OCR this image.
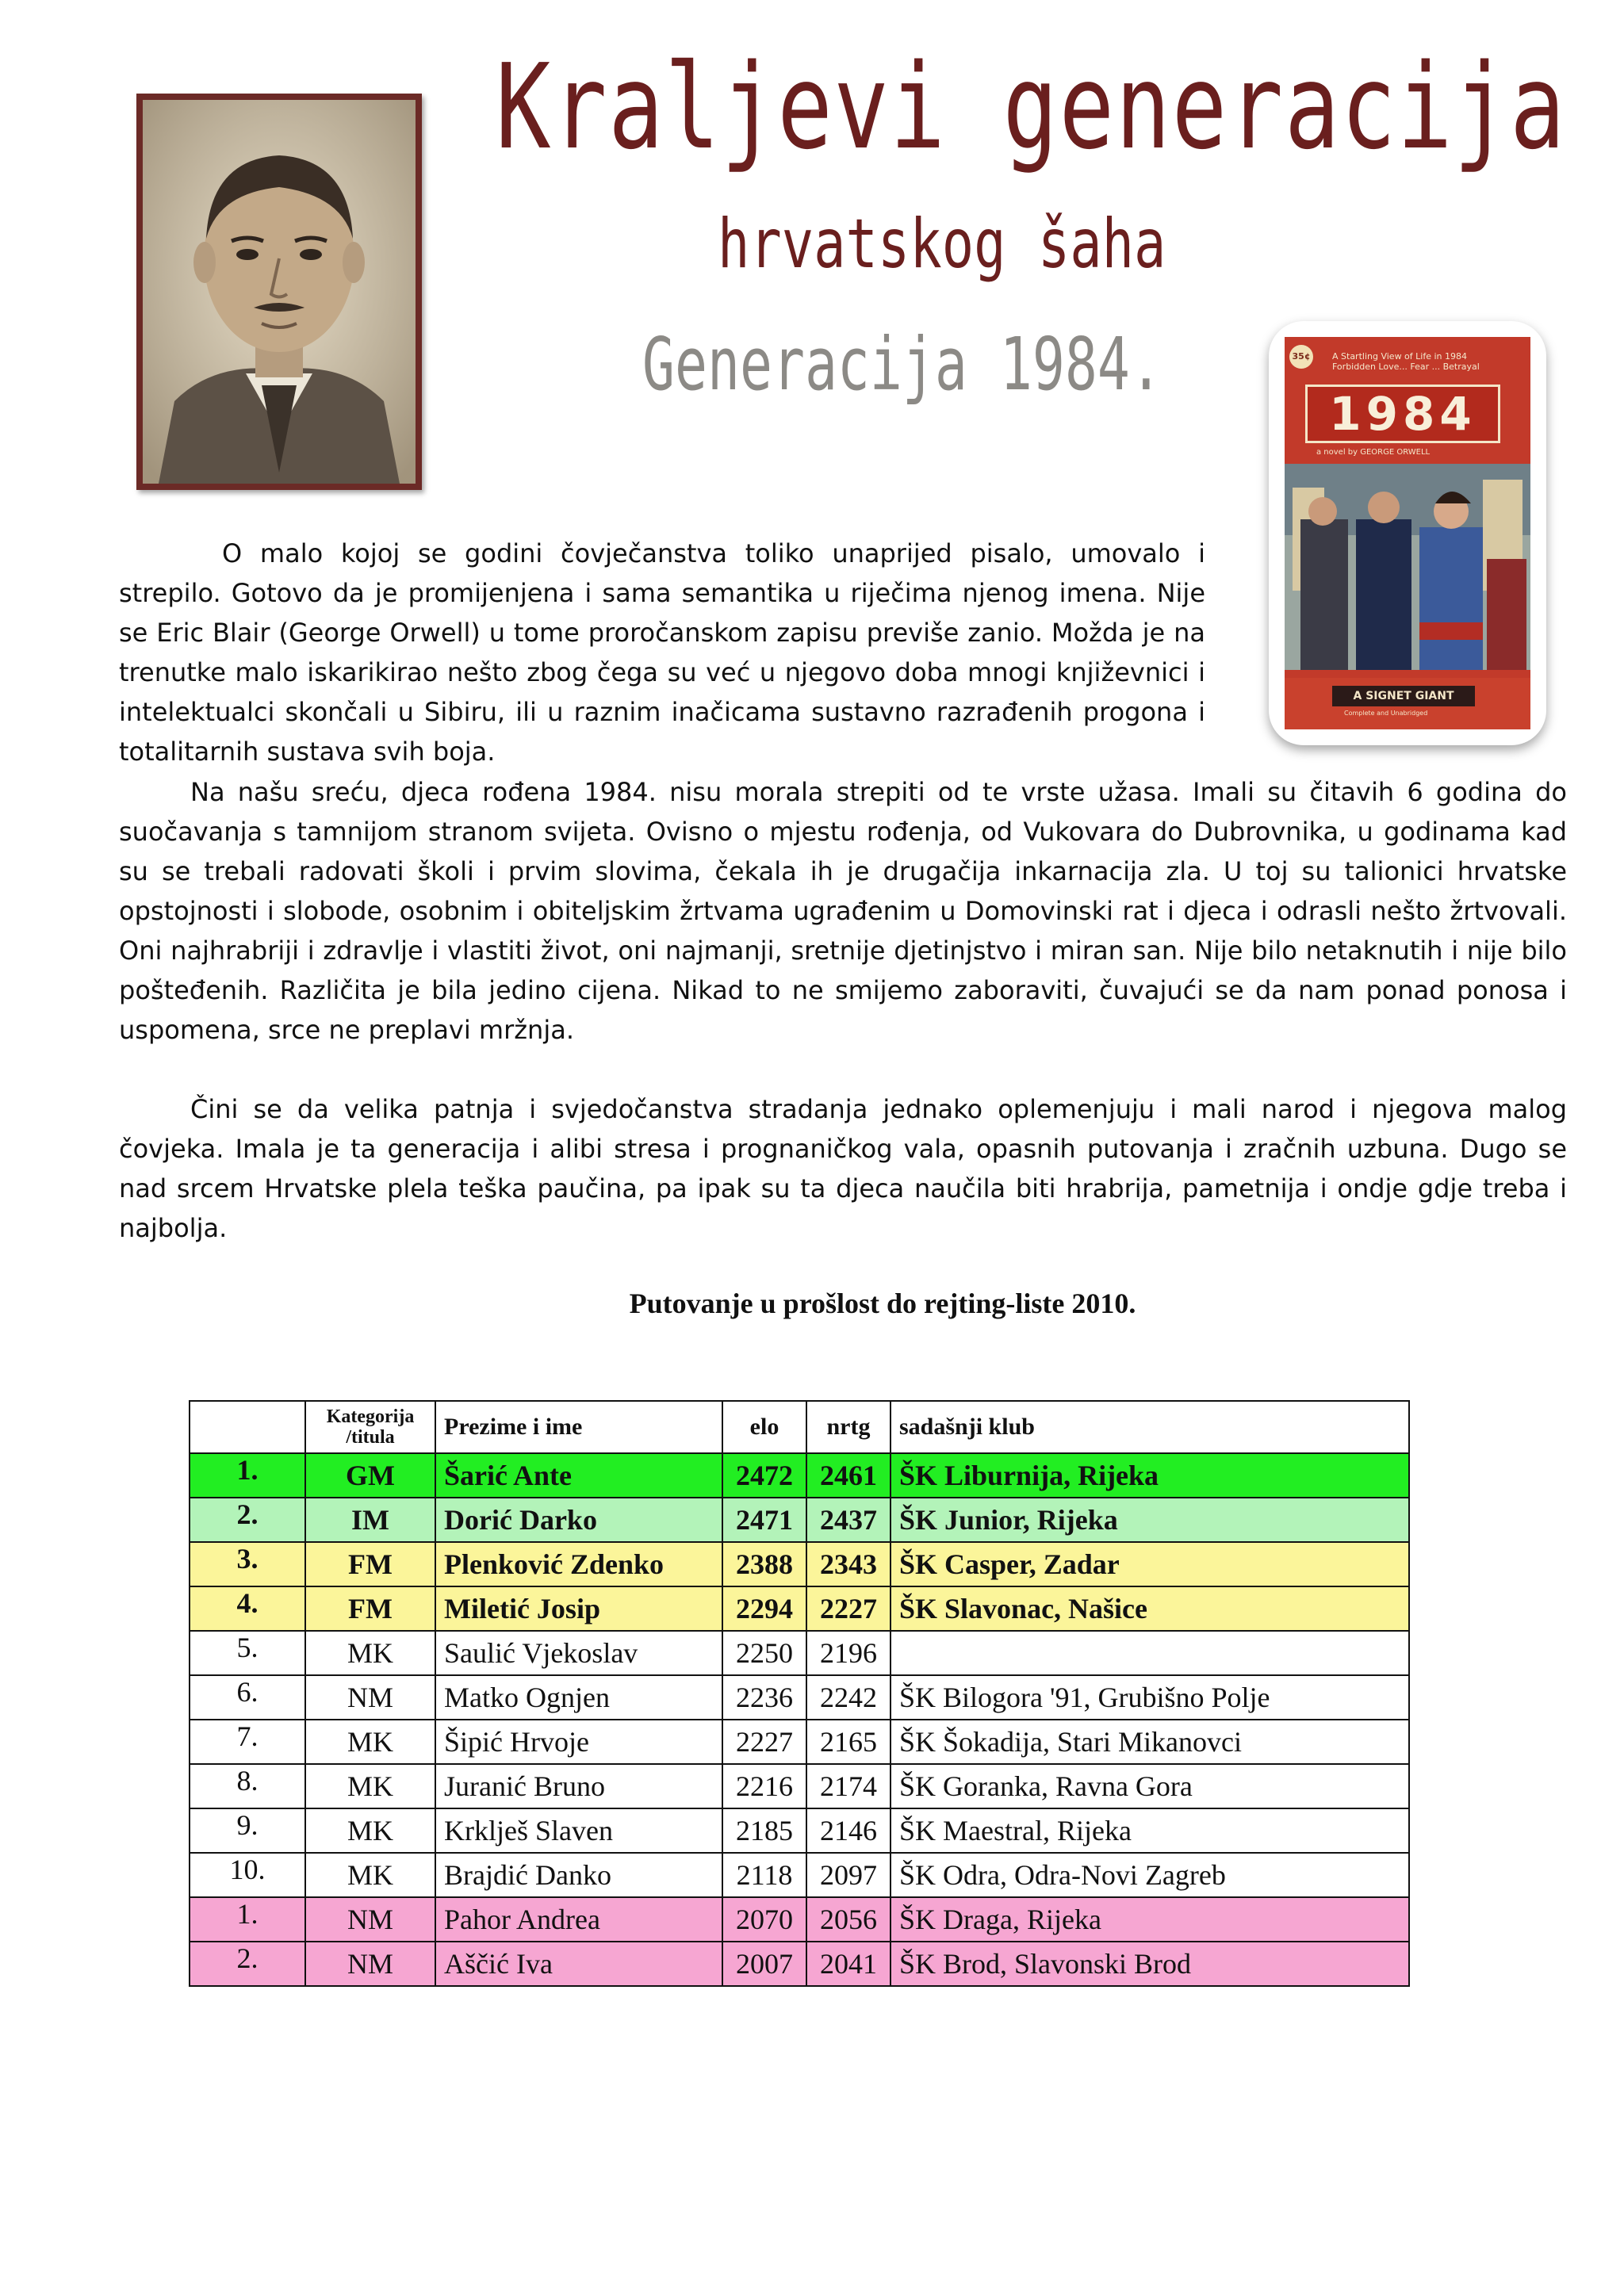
Kraljevi generacija
hrvatskog šaha
Generacija 1984.	35¢	A Startling View of Life in 1984 Forbidden Love... Fear ... Betrayal
1984
a novel by GEORGE ORWELL
A SIGNET GIANT
Complete and Unabridged

O malo kojoj se godini čovječanstva toliko unaprijed pisalo, umovalo i strepilo. Gotovo da je promijenjena i sama semantika u riječima njenog imena. Nije se Eric Blair (George Orwell) u tome proročanskom zapisu previše zanio. Možda je na trenutke malo iskarikirao nešto zbog čega su već u njegovo doba mnogi književnici i intelektualci skončali u Sibiru, ili u raznim inačicama sustavno razrađenih progona i totalitarnih sustava svih boja.

Na našu sreću, djeca rođena 1984. nisu morala strepiti od te vrste užasa. Imali su čitavih 6 godina do suočavanja s tamnijom stranom svijeta. Ovisno o mjestu rođenja, od Vukovara do Dubrovnika, u godinama kad su se trebali radovati školi i prvim slovima, čekala ih je drugačija inkarnacija zla. U toj su talionici hrvatske opstojnosti i slobode, osobnim i obiteljskim žrtvama ugrađenim u Domovinski rat i djeca i odrasli nešto žrtvovali. Oni najhrabriji i zdravlje i vlastiti život, oni najmanji, sretnije djetinjstvo i miran san. Nije bilo netaknutih i nije bilo pošteđenih. Različita je bila jedino cijena. Nikad to ne smijemo zaboraviti, čuvajući se da nam ponad ponosa i uspomena, srce ne preplavi mržnja.

Čini se da velika patnja i svjedočanstva stradanja jednako oplemenjuju i mali narod i njegova malog čovjeka. Imala je ta generacija i alibi stresa i prognaničkog vala, opasnih putovanja i zračnih uzbuna. Dugo se nad srcem Hrvatske plela teška paučina, pa ipak su ta djeca naučila biti hrabrija, pametnija i ondje gdje treba i najbolja.

Putovanje u prošlost do rejting-liste 2010.
	Kategorija
/titula	Prezime i ime	elo	nrtg	sadašnji klub
1.	GM	Šarić Ante	2472	2461	ŠK Liburnija, Rijeka
2.	IM	Dorić Darko	2471	2437	ŠK Junior, Rijeka
3.	FM	Plenković Zdenko	2388	2343	ŠK Casper, Zadar
4.	FM	Miletić Josip	2294	2227	ŠK Slavonac, Našice
5.	MK	Saulić Vjekoslav	2250	2196	
6.	NM	Matko Ognjen	2236	2242	ŠK Bilogora '91, Grubišno Polje
7.	MK	Šipić Hrvoje	2227	2165	ŠK Šokadija, Stari Mikanovci
8.	MK	Juranić Bruno	2216	2174	ŠK Goranka, Ravna Gora
9.	MK	Krklješ Slaven	2185	2146	ŠK Maestral, Rijeka
10.	MK	Brajdić Danko	2118	2097	ŠK Odra, Odra-Novi Zagreb
1.	NM	Pahor Andrea	2070	2056	ŠK Draga, Rijeka
2.	NM	Aščić Iva	2007	2041	ŠK Brod, Slavonski Brod
